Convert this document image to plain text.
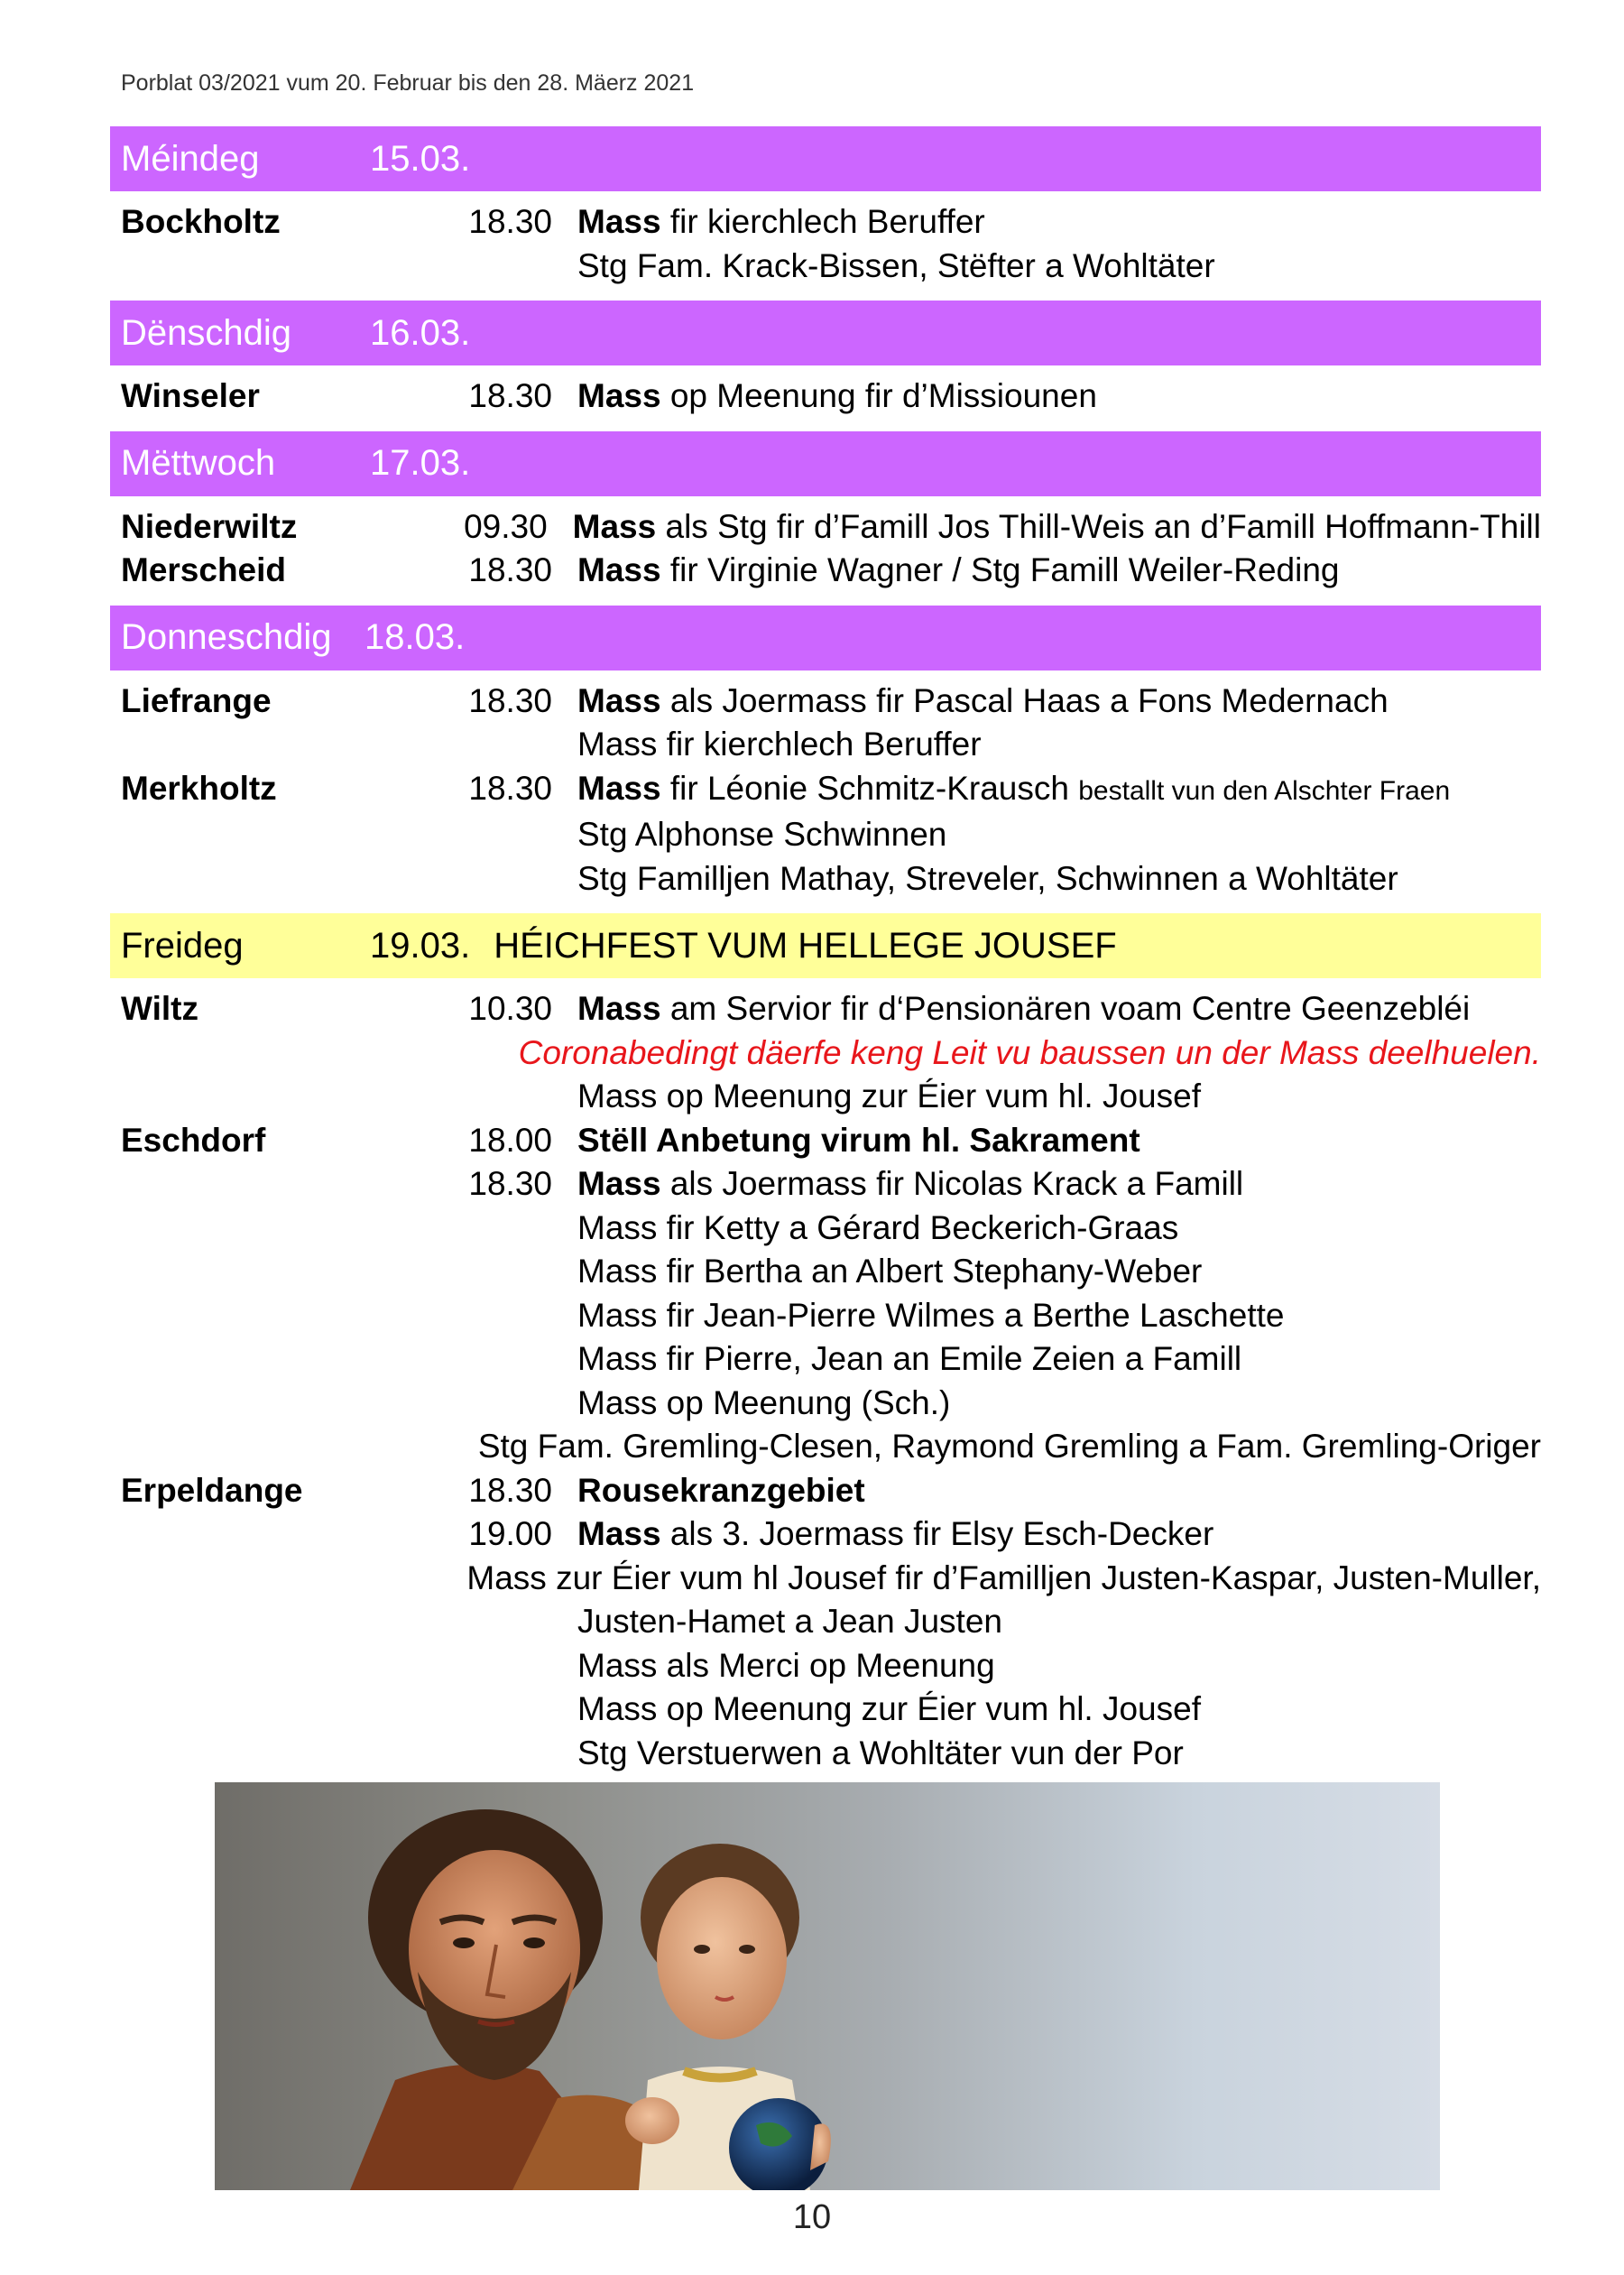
Porblat 03/2021 vum 20. Februar bis den 28. Mäerz 2021
Méindeg	15.03.
Bockholtz	18.30 Mass fir kierchlech Beruffer
Stg Fam. Krack-Bissen, Stëfter a Wohltäter
Dënschdig	16.03.
Winseler	18.30 Mass op Meenung fir d’Missiounen
Mëttwoch	17.03.
Niederwiltz	09.30 Mass als Stg fir d’Famill Jos Thill-Weis an d’Famill Hoffmann-Thill
Merscheid	18.30 Mass fir Virginie Wagner / Stg Famill Weiler-Reding
Donneschdig 18.03.
Liefrange	18.30 Mass als Joermass fir Pascal Haas a Fons Medernach
Mass fir kierchlech Beruffer
Merkholtz	18.30 Mass fir Léonie Schmitz-Krausch bestallt vun den Alschter Fraen
Stg Alphonse Schwinnen
Stg Familljen Mathay, Streveler, Schwinnen a Wohltäter
Freideg	19.03. HÉICHFEST VUM HELLEGE JOUSEF
Wiltz	10.30 Mass am Servior fir d‘Pensionären voam Centre Geenzebléi
Coronabedingt däerfe keng Leit vu baussen un der Mass deelhuelen.
Mass op Meenung zur Éier vum hl. Jousef
Eschdorf	18.00 Stëll Anbetung virum hl. Sakrament
18.30 Mass als Joermass fir Nicolas Krack a Famill
Mass fir Ketty a Gérard Beckerich-Graas
Mass fir Bertha an Albert Stephany-Weber
Mass fir Jean-Pierre Wilmes a Berthe Laschette
Mass fir Pierre, Jean an Emile Zeien a Famill
Mass op Meenung (Sch.)
Stg Fam. Gremling-Clesen, Raymond Gremling a Fam. Gremling-Origer
Erpeldange	18.30 Rousekranzgebiet
19.00 Mass als 3. Joermass fir Elsy Esch-Decker
Mass zur Éier vum hl Jousef fir d’Familljen Justen-Kaspar, Justen-Muller,
Justen-Hamet a Jean Justen
Mass als Merci op Meenung
Mass op Meenung zur Éier vum hl. Jousef
Stg Verstuerwen a Wohltäter vun der Por
10
